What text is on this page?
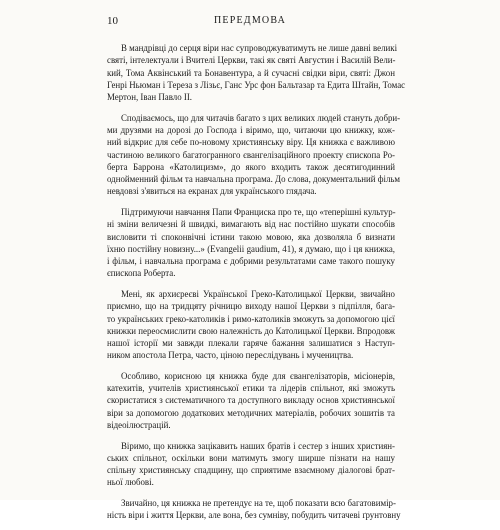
10	ПЕРЕДМОВА
В мандрівці до серця віри нас супроводжуватимуть не лише давні великі
святі, інтелектуали і Вчителі Церкви, такі як святі Августин і Василій Вели-
кий, Тома Аквінський та Бонавентура, а й сучасні свідки віри, святі: Джон
Генрі Ньюман і Тереза з Лізьє, Ганс Урс фон Бальтазар та Едита Штайн, Томас
Мертон, Іван Павло ІІ.
Сподіваємось, що для читачів багато з цих великих людей стануть добри-
ми друзями на дорозі до Господа і віримо, що, читаючи цю книжку, кож-
ний відкриє для себе по-новому християнську віру. Ця книжка є важливою
частиною великого багатогранного євангелізаційного проекту єпископа Ро-
берта Баррона «Католицизм», до якого входить також десятигодинний
однойменний фільм та навчальна програма. До слова, документальний фільм
невдовзі з'явиться на екранах для українського глядача.
Підтримуючи навчання Папи Франциска про те, що «теперішні культур-
ні зміни величезні й швидкі, вимагають від нас постійно шукати способів
висловити ті споконвічні істини такою мовою, яка дозволяла б визнати
їхню постійну новизну...» (Evangelii gaudium, 41), я думаю, що і ця книжка,
і фільм, і навчальна програма є добрими результатами саме такого пошуку
єпископа Роберта.
Мені, як архиєреєві Української Греко-Католицької Церкви, звичайно
приємно, що на тридцяту річницю виходу нашої Церкви з підпілля, бага-
то українських греко-католиків і римо-католиків зможуть за допомогою цієї
книжки переосмислити свою належність до Католицької Церкви. Впродовж
нашої історії ми завжди плекали гаряче бажання залишатися з Наступ-
ником апостола Петра, часто, ціною переслідувань і мучеництва.
Особливо, корисною ця книжка буде для євангелізаторів, місіонерів,
катехитів, учителів християнської етики та лідерів спільнот, які зможуть
скористатися з систематичного та доступного викладу основ християнської
віри за допомогою додаткових методичних матеріалів, робочих зошитів та
відеоілюстрацій.
Віримо, що книжка зацікавить наших братів і сестер з інших християн-
ських спільнот, оскільки вони матимуть змогу ширше пізнати на нашу
спільну християнську спадщину, що сприятиме взаємному діалогові брат-
ньої любові.
Звичайно, ця книжка не претендує на те, щоб показати всю багатовимір-
ність віри і життя Церкви, але вона, без сумніву, побудить читачеві ґрунтовну
